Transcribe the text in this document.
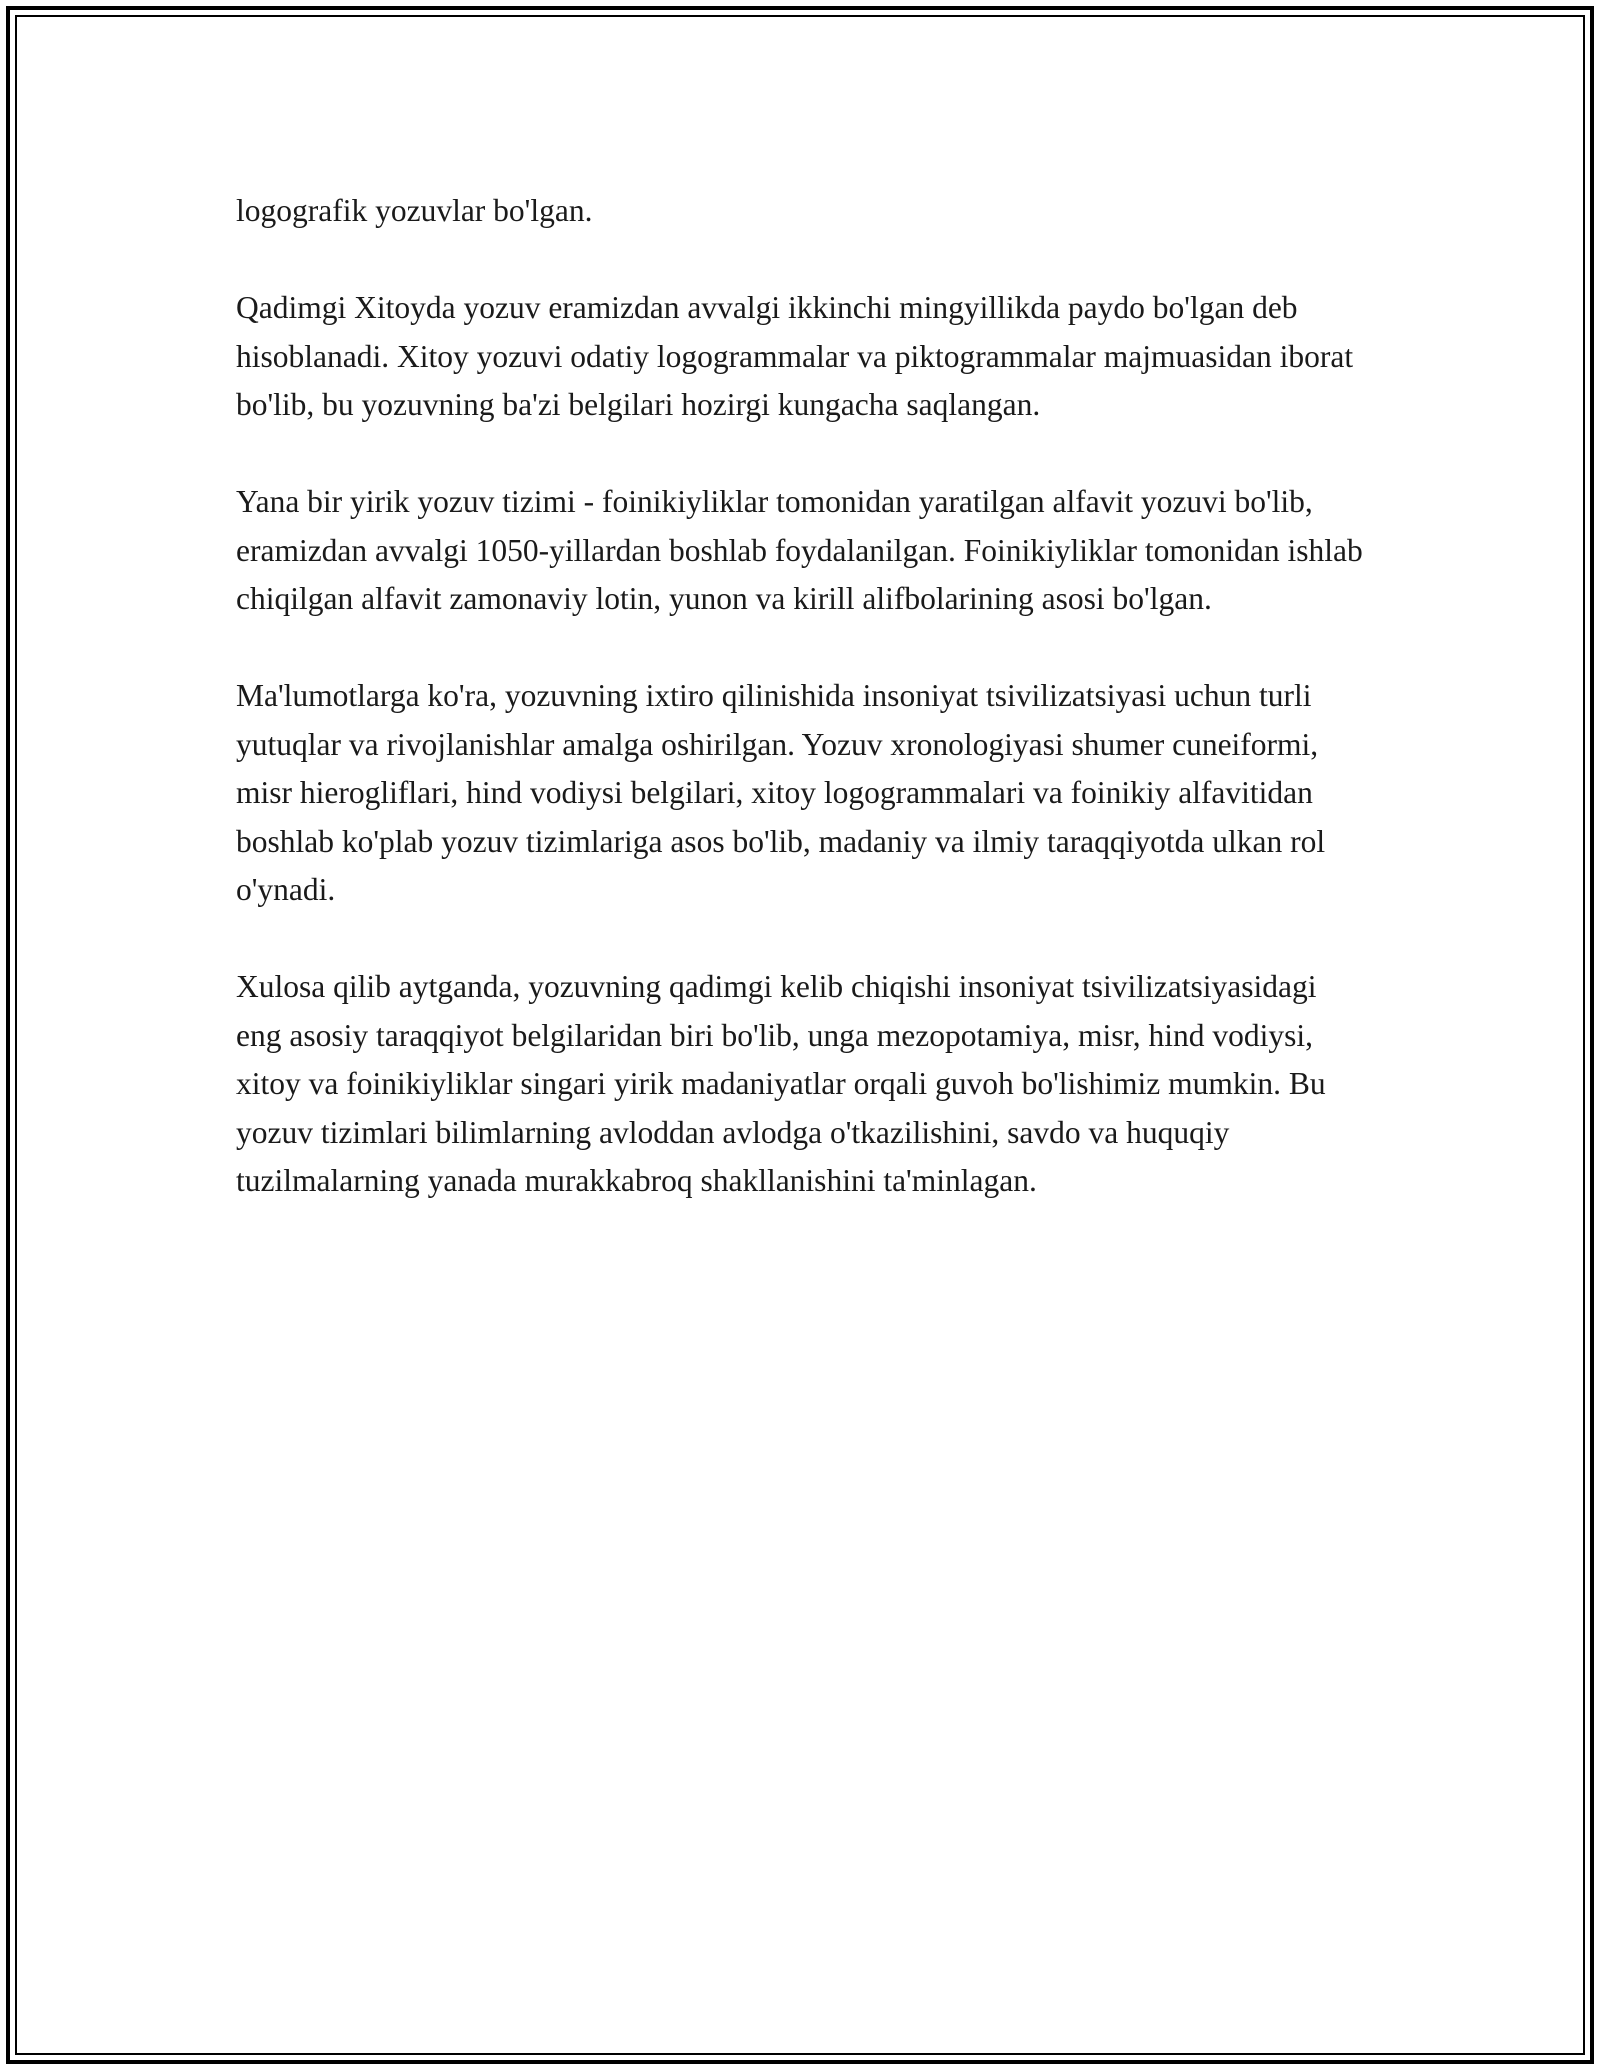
logografik yozuvlar bo'lgan.

Qadimgi Xitoyda yozuv eramizdan avvalgi ikkinchi mingyillikda paydo bo'lgan deb hisoblanadi. Xitoy yozuvi odatiy logogrammalar va piktogrammalar majmuasidan iborat bo'lib, bu yozuvning ba'zi belgilari hozirgi kungacha saqlangan.

Yana bir yirik yozuv tizimi - foinikiyliklar tomonidan yaratilgan alfavit yozuvi bo'lib, eramizdan avvalgi 1050-yillardan boshlab foydalanilgan. Foinikiyliklar tomonidan ishlab chiqilgan alfavit zamonaviy lotin, yunon va kirill alifbolarining asosi bo'lgan.

Ma'lumotlarga ko'ra, yozuvning ixtiro qilinishida insoniyat tsivilizatsiyasi uchun turli yutuqlar va rivojlanishlar amalga oshirilgan. Yozuv xronologiyasi shumer cuneiformi, misr hierogliflari, hind vodiysi belgilari, xitoy logogrammalari va foinikiy alfavitidan boshlab ko'plab yozuv tizimlariga asos bo'lib, madaniy va ilmiy taraqqiyotda ulkan rol o'ynadi.

Xulosa qilib aytganda, yozuvning qadimgi kelib chiqishi insoniyat tsivilizatsiyasidagi eng asosiy taraqqiyot belgilaridan biri bo'lib, unga mezopotamiya, misr, hind vodiysi, xitoy va foinikiyliklar singari yirik madaniyatlar orqali guvoh bo'lishimiz mumkin. Bu yozuv tizimlari bilimlarning avloddan avlodga o'tkazilishini, savdo va huquqiy tuzilmalarning yanada murakkabroq shakllanishini ta'minlagan.
